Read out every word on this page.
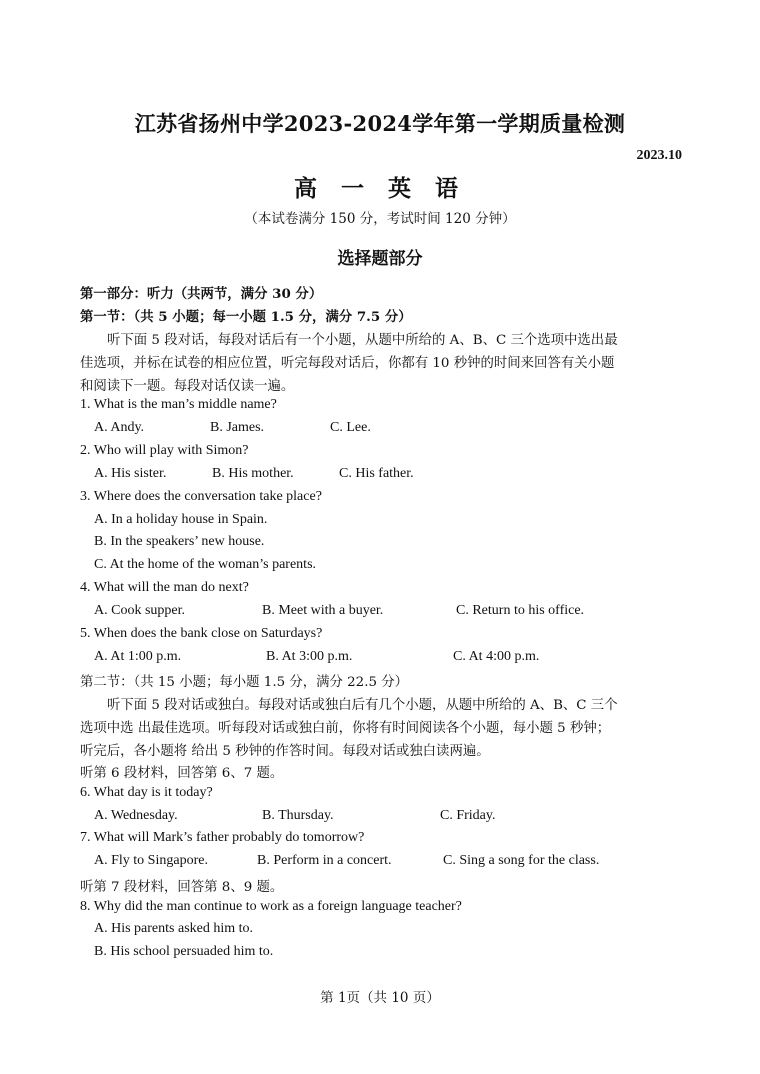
江苏省扬州中学2023-2024学年第一学期质量检测
2023.10
高 一 英 语
（本试卷满分 150 分，考试时间 120 分钟）
选择题部分
第一部分：听力（共两节，满分 30 分）
第一节：（共 5 小题；每一小题 1.5 分，满分 7.5 分）
听下面 5 段对话，每段对话后有一个小题，从题中所给的 A、B、C 三个选项中选出最
佳选项，并标在试卷的相应位置，听完每段对话后，你都有 10 秒钟的时间来回答有关小题
和阅读下一题。每段对话仅读一遍。
1. What is the man’s middle name?
A. Andy.	B. James.	C. Lee.
2. Who will play with Simon?
A. His sister.	B. His mother.	C. His father.
3. Where does the conversation take place?
A. In a holiday house in Spain.
B. In the speakers’ new house.
C. At the home of the woman’s parents.
4. What will the man do next?
A. Cook supper.	B. Meet with a buyer.	C. Return to his office.
5. When does the bank close on Saturdays?
A. At 1:00 p.m.	B. At 3:00 p.m.	C. At 4:00 p.m.
第二节：（共 15 小题；每小题 1.5 分，满分 22.5 分）
听下面 5 段对话或独白。每段对话或独白后有几个小题，从题中所给的 A、B、C 三个
选项中选 出最佳选项。听每段对话或独白前，你将有时间阅读各个小题，每小题 5 秒钟；
听完后，各小题将 给出 5 秒钟的作答时间。每段对话或独白读两遍。
听第 6 段材料，回答第 6、7 题。
6. What day is it today?
A. Wednesday.	B. Thursday.	C. Friday.
7. What will Mark’s father probably do tomorrow?
A. Fly to Singapore.	B. Perform in a concert.	C. Sing a song for the class.
听第 7 段材料，回答第 8、9 题。
8. Why did the man continue to work as a foreign language teacher?
A. His parents asked him to.
B. His school persuaded him to.
第 1页（共 10 页）
